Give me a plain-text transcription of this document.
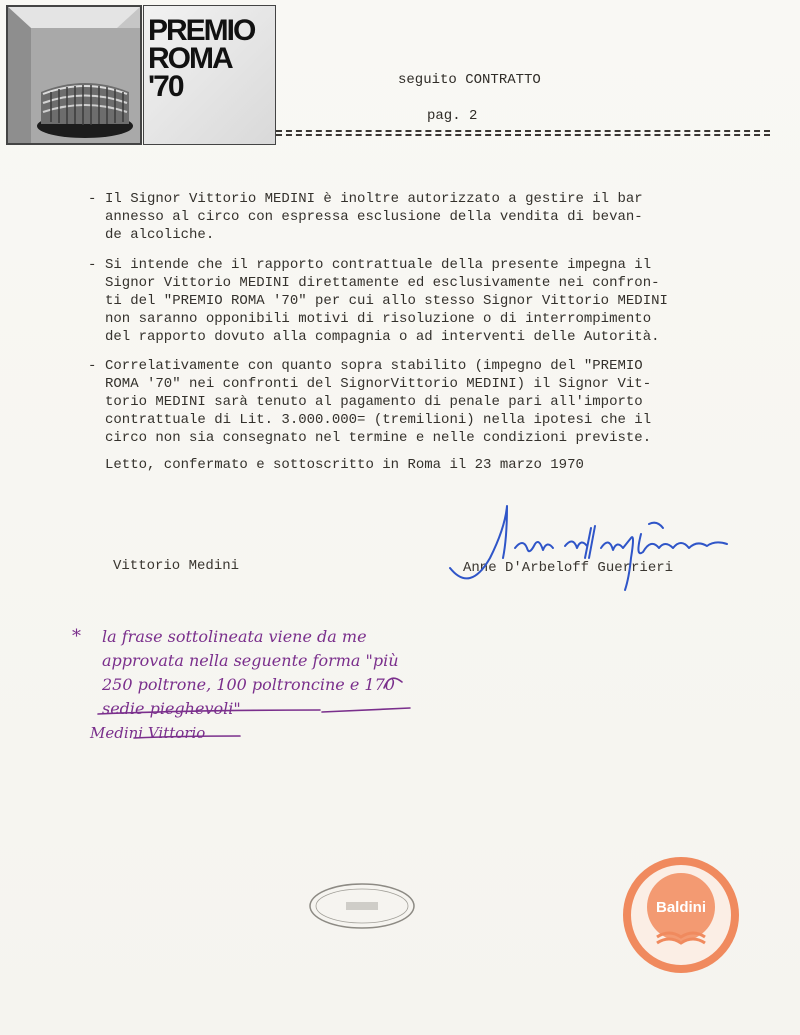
PREMIO
ROMA
'70	seguito CONTRATTO
pag. 2
- Il Signor Vittorio MEDINI è inoltre autorizzato a gestire il bar
annesso al circo con espressa esclusione della vendita di bevan-
de alcoliche.
- Si intende che il rapporto contrattuale della presente impegna il
Signor Vittorio MEDINI direttamente ed esclusivamente nei confron-
ti del "PREMIO ROMA '70" per cui allo stesso Signor Vittorio MEDINI
non saranno opponibili motivi di risoluzione o di interrompimento
del rapporto dovuto alla compagnia o ad interventi delle Autorità.
- Correlativamente con quanto sopra stabilito (impegno del "PREMIO
ROMA '70" nei confronti del SignorVittorio MEDINI) il Signor Vit-
torio MEDINI sarà tenuto al pagamento di penale pari all'importo
contrattuale di Lit. 3.000.000= (tremilioni) nella ipotesi che il
circo non sia consegnato nel termine e nelle condizioni previste.
Letto, confermato e sottoscritto in Roma il 23 marzo 1970
Vittorio Medini	Anne D'Arbeloff Guerrieri
* la frase sottolineata viene da me
approvata nella seguente forma "più
250 poltrone, 100 poltroncine e 170
sedie pieghevoli"
Medini Vittorio
Baldini
